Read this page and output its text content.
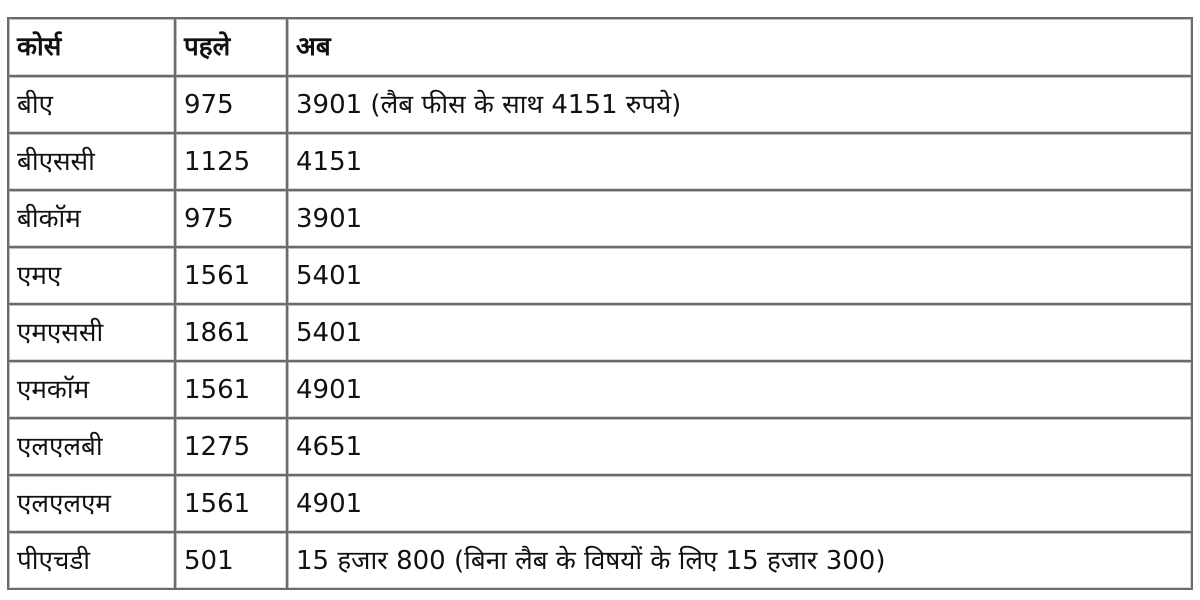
कोर्स	पहले	अब
बीए	975	3901 (लैब फीस के साथ 4151 रुपये)
बीएससी	1125	4151
बीकॉम	975	3901
एमए	1561	5401
एमएससी	1861	5401
एमकॉम	1561	4901
एलएलबी	1275	4651
एलएलएम	1561	4901
पीएचडी	501	15 हजार 800 (बिना लैब के विषयों के लिए 15 हजार 300)
